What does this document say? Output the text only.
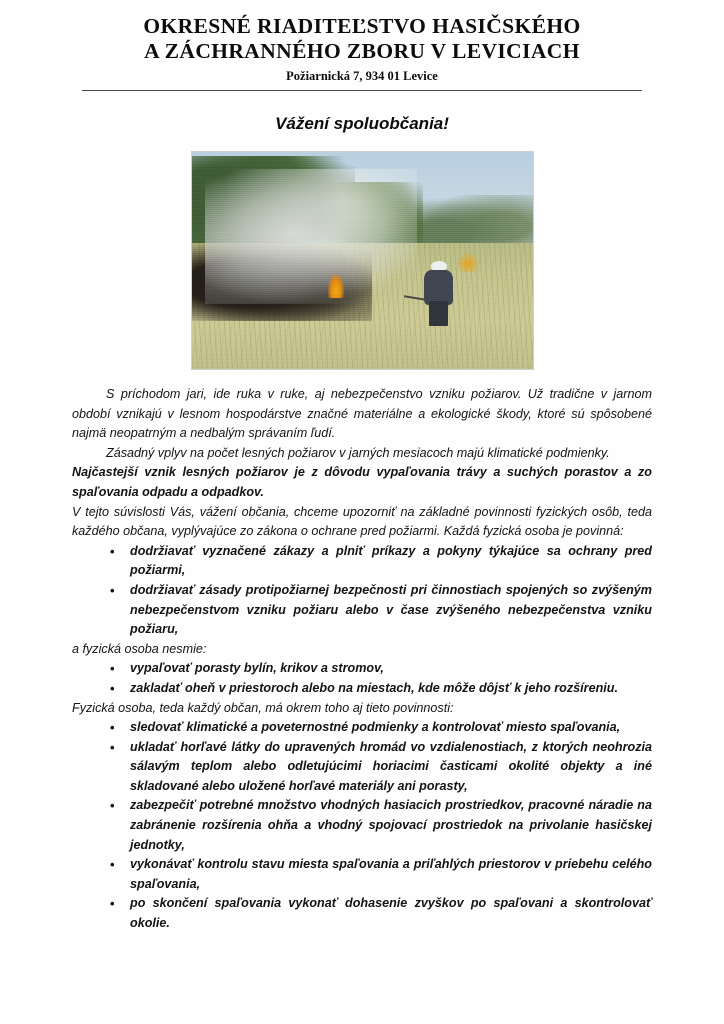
OKRESNÉ RIADITEĽSTVO HASIČSKÉHO
A ZÁCHRANNÉHO ZBORU V LEVICIACH
Požiarnická 7, 934 01 Levice
Vážení spoluobčania!

S príchodom jari, ide ruka v ruke, aj nebezpečenstvo vzniku požiarov. Už tradične v jarnom období vznikajú v lesnom hospodárstve značné materiálne a ekologické škody, ktoré sú spôsobené najmä neopatrným a nedbalým správaním ľudí.

Zásadný vplyv na počet lesných požiarov v jarných mesiacoch majú klimatické podmienky.

Najčastejší vznik lesných požiarov je z dôvodu vypaľovania trávy a suchých porastov a zo spaľovania odpadu a odpadkov.

V tejto súvislosti Vás, vážení občania, chceme upozorniť na základné povinnosti fyzických osôb, teda každého občana, vyplývajúce zo zákona o ochrane pred požiarmi. Každá fyzická osoba je povinná:

• dodržiavať vyznačené zákazy a plniť príkazy a pokyny týkajúce sa ochrany pred požiarmi,
• dodržiavať zásady protipožiarnej bezpečnosti pri činnostiach spojených so zvýšeným nebezpečenstvom vzniku požiaru alebo v čase zvýšeného nebezpečenstva vzniku požiaru,

a fyzická osoba nesmie:

• vypaľovať porasty bylín, krikov a stromov,
• zakladať oheň v priestoroch alebo na miestach, kde môže dôjsť k jeho rozšíreniu.

Fyzická osoba, teda každý občan, má okrem toho aj tieto povinnosti:

• sledovať klimatické a poveternostné podmienky a kontrolovať miesto spaľovania,
• ukladať horľavé látky do upravených hromád vo vzdialenostiach, z ktorých neohrozia sálavým teplom alebo odletujúcimi horiacimi časticami okolité objekty a iné skladované alebo uložené horľavé materiály ani porasty,
• zabezpečiť potrebné množstvo vhodných hasiacich prostriedkov, pracovné náradie na zabránenie rozšírenia ohňa a vhodný spojovací prostriedok na privolanie hasičskej jednotky,
• vykonávať kontrolu stavu miesta spaľovania a priľahlých priestorov v priebehu celého spaľovania,
• po skončení spaľovania vykonať dohasenie zvyškov po spaľovani a skontrolovať okolie.
